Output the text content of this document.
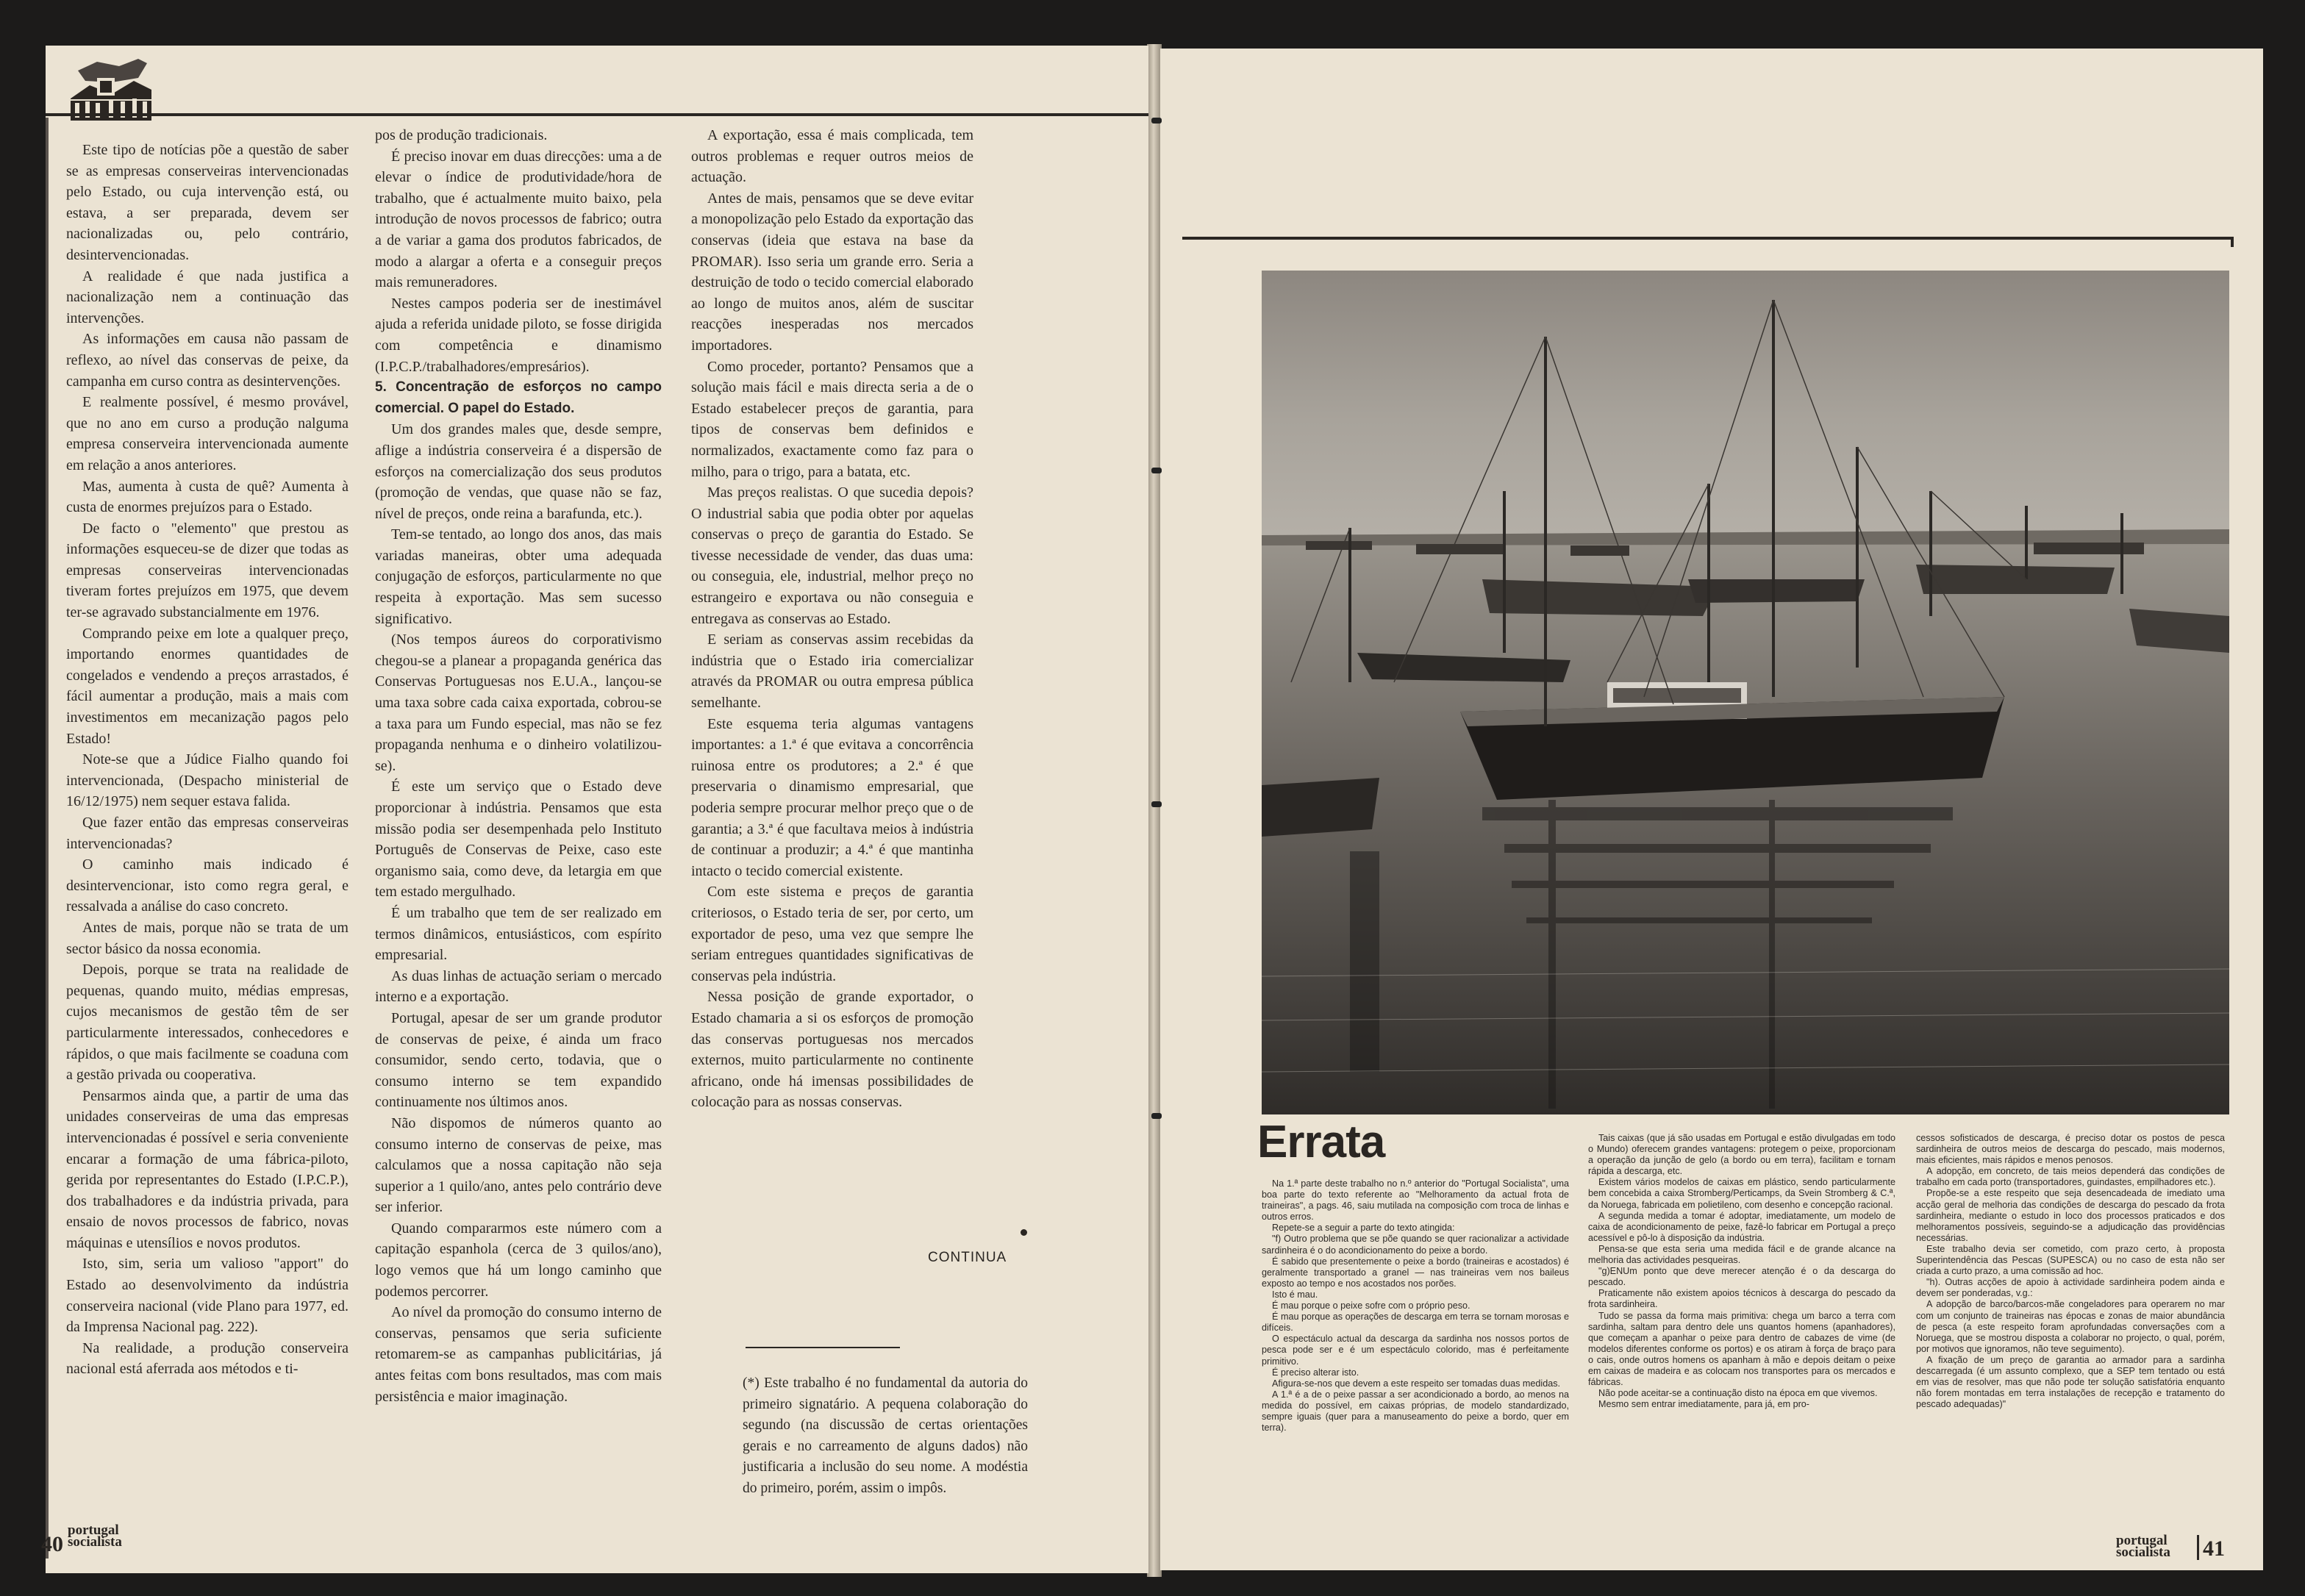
Este tipo de notícias põe a questão de saber se as empresas conserveiras intervencionadas pelo Estado, ou cuja intervenção está, ou estava, a ser preparada, devem ser nacionalizadas ou, pelo contrário, desintervencionadas.

A realidade é que nada justifica a nacionalização nem a continuação das intervenções.

As informações em causa não passam de reflexo, ao nível das conservas de peixe, da campanha em curso contra as desintervenções.

E realmente possível, é mesmo provável, que no ano em curso a produção nalguma empresa conserveira intervencionada aumente em relação a anos anteriores.

Mas, aumenta à custa de quê? Aumenta à custa de enormes prejuízos para o Estado.

De facto o "elemento" que prestou as informações esqueceu-se de dizer que todas as empresas conserveiras intervencionadas tiveram fortes prejuízos em 1975, que devem ter-se agravado substancialmente em 1976.

Comprando peixe em lote a qualquer preço, importando enormes quantidades de congelados e vendendo a preços arrastados, é fácil aumentar a produção, mais a mais com investimentos em mecanização pagos pelo Estado!

Note-se que a Júdice Fialho quando foi intervencionada, (Despacho ministerial de 16/12/1975) nem sequer estava falida.

Que fazer então das empresas conserveiras intervencionadas?

O caminho mais indicado é desintervencionar, isto como regra geral, e ressalvada a análise do caso concreto.

Antes de mais, porque não se trata de um sector básico da nossa economia.

Depois, porque se trata na realidade de pequenas, quando muito, médias empresas, cujos mecanismos de gestão têm de ser particularmente interessados, conhecedores e rápidos, o que mais facilmente se coaduna com a gestão privada ou cooperativa.

Pensarmos ainda que, a partir de uma das unidades conserveiras de uma das empresas intervencionadas é possível e seria conveniente encarar a formação de uma fábrica-piloto, gerida por representantes do Estado (I.P.C.P.), dos trabalhadores e da indústria privada, para ensaio de novos processos de fabrico, novas máquinas e utensílios e novos produtos.

Isto, sim, seria um valioso "apport" do Estado ao desenvolvimento da indústria conserveira nacional (vide Plano para 1977, ed. da Imprensa Nacional pag. 222).

Na realidade, a produção conserveira nacional está aferrada aos métodos e ti-

pos de produção tradicionais.

É preciso inovar em duas direcções: uma a de elevar o índice de produtividade/hora de trabalho, que é actualmente muito baixo, pela introdução de novos processos de fabrico; outra a de variar a gama dos produtos fabricados, de modo a alargar a oferta e a conseguir preços mais remuneradores.

Nestes campos poderia ser de inestimável ajuda a referida unidade piloto, se fosse dirigida com competência e dinamismo (I.P.C.P./trabalhadores/empresários).

5. Concentração de esforços no campo comercial. O papel do Estado.

Um dos grandes males que, desde sempre, aflige a indústria conserveira é a dispersão de esforços na comercialização dos seus produtos (promoção de vendas, que quase não se faz, nível de preços, onde reina a barafunda, etc.).

Tem-se tentado, ao longo dos anos, das mais variadas maneiras, obter uma adequada conjugação de esforços, particularmente no que respeita à exportação. Mas sem sucesso significativo.

(Nos tempos áureos do corporativismo chegou-se a planear a propaganda genérica das Conservas Portuguesas nos E.U.A., lançou-se uma taxa sobre cada caixa exportada, cobrou-se a taxa para um Fundo especial, mas não se fez propaganda nenhuma e o dinheiro volatilizou-se).

É este um serviço que o Estado deve proporcionar à indústria. Pensamos que esta missão podia ser desempenhada pelo Instituto Português de Conservas de Peixe, caso este organismo saia, como deve, da letargia em que tem estado mergulhado.

É um trabalho que tem de ser realizado em termos dinâmicos, entusiásticos, com espírito empresarial.

As duas linhas de actuação seriam o mercado interno e a exportação.

Portugal, apesar de ser um grande produtor de conservas de peixe, é ainda um fraco consumidor, sendo certo, todavia, que o consumo interno se tem expandido continuamente nos últimos anos.

Não dispomos de números quanto ao consumo interno de conservas de peixe, mas calculamos que a nossa capitação não seja superior a 1 quilo/ano, antes pelo contrário deve ser inferior.

Quando compararmos este número com a capitação espanhola (cerca de 3 quilos/ano), logo vemos que há um longo caminho que podemos percorrer.

Ao nível da promoção do consumo interno de conservas, pensamos que seria suficiente retomarem-se as campanhas publicitárias, já antes feitas com bons resultados, mas com mais persistência e maior imaginação.

A exportação, essa é mais complicada, tem outros problemas e requer outros meios de actuação.

Antes de mais, pensamos que se deve evitar a monopolização pelo Estado da exportação das conservas (ideia que estava na base da PROMAR). Isso seria um grande erro. Seria a destruição de todo o tecido comercial elaborado ao longo de muitos anos, além de suscitar reacções inesperadas nos mercados importadores.

Como proceder, portanto? Pensamos que a solução mais fácil e mais directa seria a de o Estado estabelecer preços de garantia, para tipos de conservas bem definidos e normalizados, exactamente como faz para o milho, para o trigo, para a batata, etc.

Mas preços realistas. O que sucedia depois? O industrial sabia que podia obter por aquelas conservas o preço de garantia do Estado. Se tivesse necessidade de vender, das duas uma: ou conseguia, ele, industrial, melhor preço no estrangeiro e exportava ou não conseguia e entregava as conservas ao Estado.

E seriam as conservas assim recebidas da indústria que o Estado iria comercializar através da PROMAR ou outra empresa pública semelhante.

Este esquema teria algumas vantagens importantes: a 1.ª é que evitava a concorrência ruinosa entre os produtores; a 2.ª é que preservaria o dinamismo empresarial, que poderia sempre procurar melhor preço que o de garantia; a 3.ª é que facultava meios à indústria de continuar a produzir; a 4.ª é que mantinha intacto o tecido comercial existente.

Com este sistema e preços de garantia criteriosos, o Estado teria de ser, por certo, um exportador de peso, uma vez que sempre lhe seriam entregues quantidades significativas de conservas pela indústria.

Nessa posição de grande exportador, o Estado chamaria a si os esforços de promoção das conservas portuguesas nos mercados externos, muito particularmente no continente africano, onde há imensas possibilidades de colocação para as nossas conservas.

CONTINUA

(*) Este trabalho é no fundamental da autoria do primeiro signatário. A pequena colaboração do segundo (na discussão de certas orientações gerais e no carreamento de alguns dados) não justificaria a inclusão do seu nome. A modéstia do primeiro, porém, assim o impôs.

40
portugal
socialista
Errata

Na 1.ª parte deste trabalho no n.º anterior do "Portugal Socialista", uma boa parte do texto referente ao "Melhoramento da actual frota de traineiras", a pags. 46, saiu mutilada na composição com troca de linhas e outros erros.

Repete-se a seguir a parte do texto atingida:

"f) Outro problema que se põe quando se quer racionalizar a actividade sardinheira é o do acondicionamento do peixe a bordo.

É sabido que presentemente o peixe a bordo (traineiras e acostados) é geralmente transportado a granel — nas traineiras vem nos baileus exposto ao tempo e nos acostados nos porões.

Isto é mau.

É mau porque o peixe sofre com o próprio peso.

É mau porque as operações de descarga em terra se tornam morosas e difíceis.

O espectáculo actual da descarga da sardinha nos nossos portos de pesca pode ser e é um espectáculo colorido, mas é perfeitamente primitivo.

É preciso alterar isto.

Afigura-se-nos que devem a este respeito ser tomadas duas medidas.

A 1.ª é a de o peixe passar a ser acondicionado a bordo, ao menos na medida do possível, em caixas próprias, de modelo standardizado, sempre iguais (quer para a manuseamento do peixe a bordo, quer em terra).

Tais caixas (que já são usadas em Portugal e estão divulgadas em todo o Mundo) oferecem grandes vantagens: protegem o peixe, proporcionam a operação da junção de gelo (a bordo ou em terra), facilitam e tornam rápida a descarga, etc.

Existem vários modelos de caixas em plástico, sendo particularmente bem concebida a caixa Stromberg/Perticamps, da Svein Stromberg & C.ª, da Noruega, fabricada em polietileno, com desenho e concepção racional.

A segunda medida a tomar é adoptar, imediatamente, um modelo de caixa de acondicionamento de peixe, fazê-lo fabricar em Portugal a preço acessível e pô-lo à disposição da indústria.

Pensa-se que esta seria uma medida fácil e de grande alcance na melhoria das actividades pesqueiras.

"g)ENUm ponto que deve merecer atenção é o da descarga do pescado.

Praticamente não existem apoios técnicos à descarga do pescado da frota sardinheira.

Tudo se passa da forma mais primitiva: chega um barco a terra com sardinha, saltam para dentro dele uns quantos homens (apanhadores), que começam a apanhar o peixe para dentro de cabazes de vime (de modelos diferentes conforme os portos) e os atiram à força de braço para o cais, onde outros homens os apanham à mão e depois deitam o peixe em caixas de madeira e as colocam nos transportes para os mercados e fábricas.

Não pode aceitar-se a continuação disto na época em que vivemos.

Mesmo sem entrar imediatamente, para já, em pro-

cessos sofisticados de descarga, é preciso dotar os postos de pesca sardinheira de outros meios de descarga do pescado, mais modernos, mais eficientes, mais rápidos e menos penosos.

A adopção, em concreto, de tais meios dependerá das condições de trabalho em cada porto (transportadores, guindastes, empilhadores etc.).

Propõe-se a este respeito que seja desencadeada de imediato uma acção geral de melhoria das condições de descarga do pescado da frota sardinheira, mediante o estudo in loco dos processos praticados e dos melhoramentos possíveis, seguindo-se a adjudicação das providências necessárias.

Este trabalho devia ser cometido, com prazo certo, à proposta Superintendência das Pescas (SUPESCA) ou no caso de esta não ser criada a curto prazo, a uma comissão ad hoc.

"h). Outras acções de apoio à actividade sardinheira podem ainda e devem ser ponderadas, v.g.:

A adopção de barco/barcos-mãe congeladores para operarem no mar com um conjunto de traineiras nas épocas e zonas de maior abundância de pesca (a este respeito foram aprofundadas conversações com a Noruega, que se mostrou disposta a colaborar no projecto, o qual, porém, por motivos que ignoramos, não teve seguimento).

A fixação de um preço de garantia ao armador para a sardinha descarregada (é um assunto complexo, que a SEP tem tentado ou está em vias de resolver, mas que não pode ter solução satisfatória enquanto não forem montadas em terra instalações de recepção e tratamento do pescado adequadas)"

portugal
socialista 41
